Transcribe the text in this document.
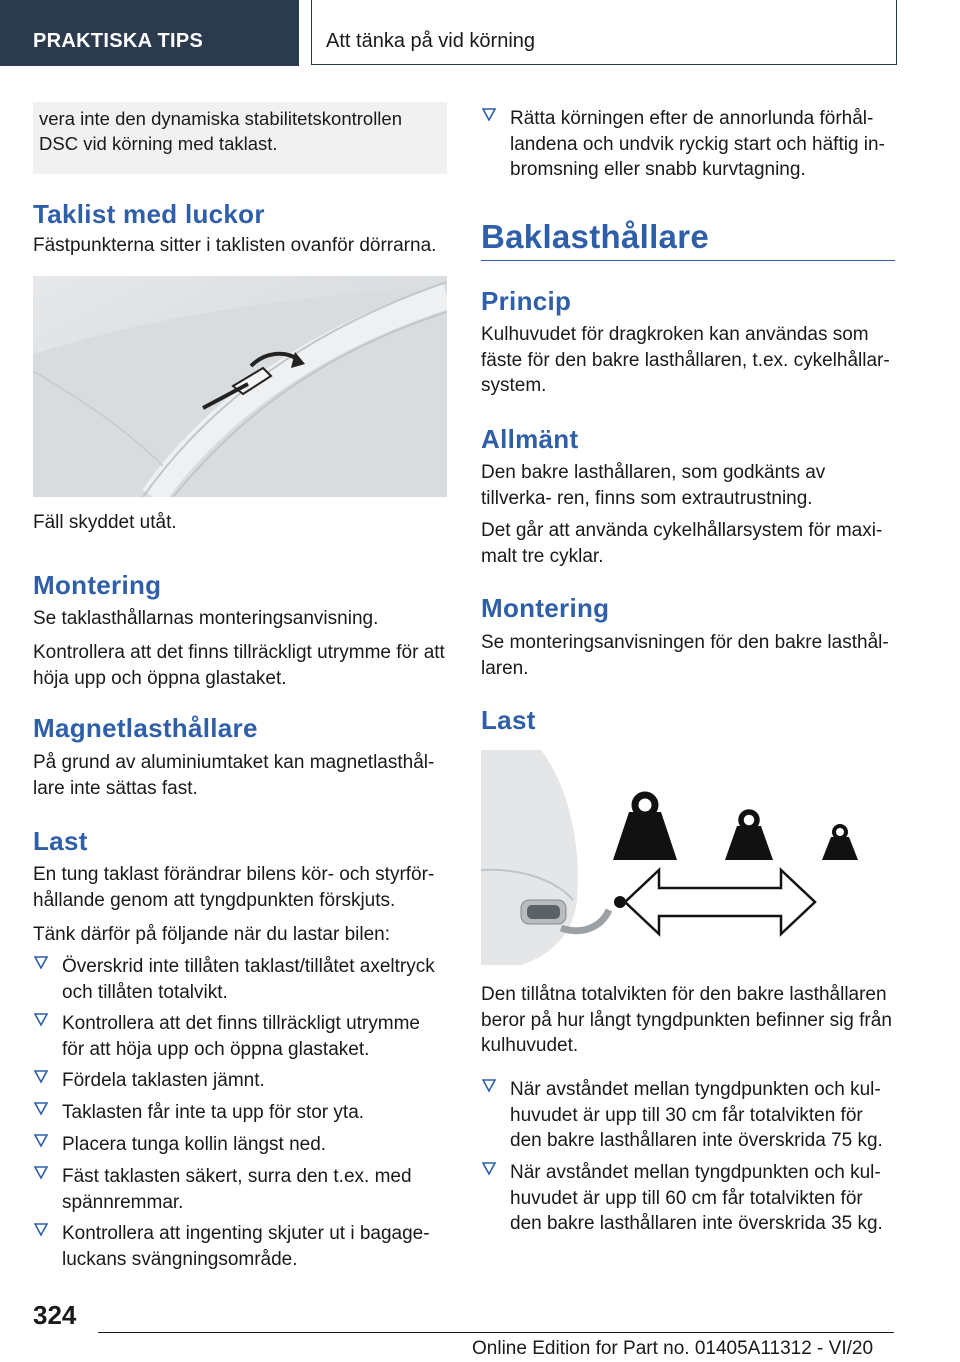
PRAKTISKA TIPS	Att tänka på vid körning
vera inte den dynamiska stabilitetskontrollen DSC vid körning med taklast.
Taklist med luckor
Fästpunkterna sitter i taklisten ovanför dörrarna.
Fäll skyddet utåt.
Montering
Se taklasthållarnas monteringsanvisning.
Kontrollera att det finns tillräckligt utrymme för att höja upp och öppna glastaket.
Magnetlasthållare
På grund av aluminiumtaket kan magnetlasthål- lare inte sättas fast.
Last
En tung taklast förändrar bilens kör- och styrför- hållande genom att tyngdpunkten förskjuts.
Tänk därför på följande när du lastar bilen:
Överskrid inte tillåten taklast/tillåtet axeltryck och tillåten totalvikt.
Kontrollera att det finns tillräckligt utrymme för att höja upp och öppna glastaket.
Fördela taklasten jämnt.
Taklasten får inte ta upp för stor yta.
Placera tunga kollin längst ned.
Fäst taklasten säkert, surra den t.ex. med spännremmar.
Kontrollera att ingenting skjuter ut i bagage- luckans svängningsområde.
Rätta körningen efter de annorlunda förhål- landena och undvik ryckig start och häftig in- bromsning eller snabb kurvtagning.
Baklasthållare
Princip
Kulhuvudet för dragkroken kan användas som fäste för den bakre lasthållaren, t.ex. cykelhållar- system.
Allmänt
Den bakre lasthållaren, som godkänts av tillverka- ren, finns som extrautrustning.
Det går att använda cykelhållarsystem för maxi- malt tre cyklar.
Montering
Se monteringsanvisningen för den bakre lasthål- laren.
Last
Den tillåtna totalvikten för den bakre lasthållaren beror på hur långt tyngdpunkten befinner sig från kulhuvudet.
När avståndet mellan tyngdpunkten och kul- huvudet är upp till 30 cm får totalvikten för den bakre lasthållaren inte överskrida 75 kg.
När avståndet mellan tyngdpunkten och kul- huvudet är upp till 60 cm får totalvikten för den bakre lasthållaren inte överskrida 35 kg.
324
Online Edition for Part no. 01405A11312 - VI/20
